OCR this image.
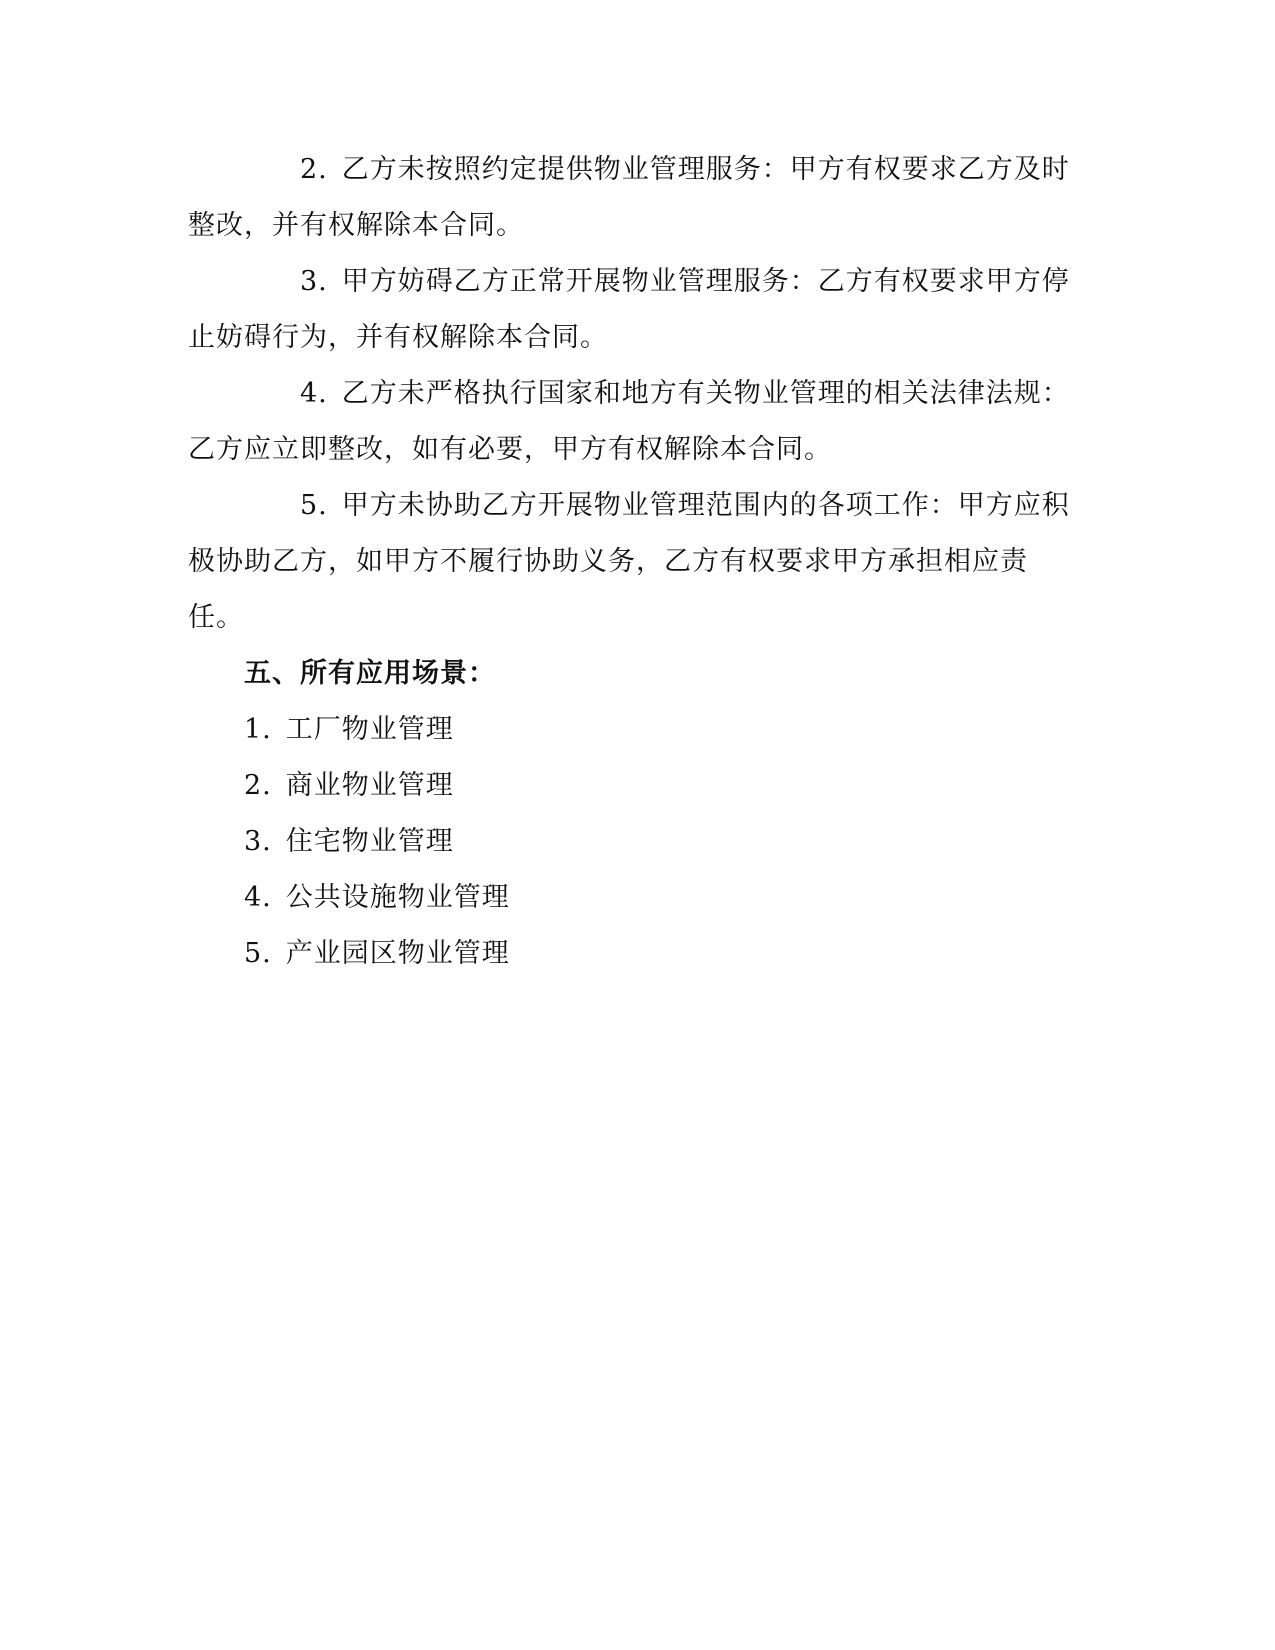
2. 乙方未按照约定提供物业管理服务：甲方有权要求乙方及时整改，并有权解除本合同。

3. 甲方妨碍乙方正常开展物业管理服务：乙方有权要求甲方停止妨碍行为，并有权解除本合同。

4. 乙方未严格执行国家和地方有关物业管理的相关法律法规：乙方应立即整改，如有必要，甲方有权解除本合同。

5. 甲方未协助乙方开展物业管理范围内的各项工作：甲方应积极协助乙方，如甲方不履行协助义务，乙方有权要求甲方承担相应责任。

五、所有应用场景：
1. 工厂物业管理
2. 商业物业管理
3. 住宅物业管理
4. 公共设施物业管理
5. 产业园区物业管理
